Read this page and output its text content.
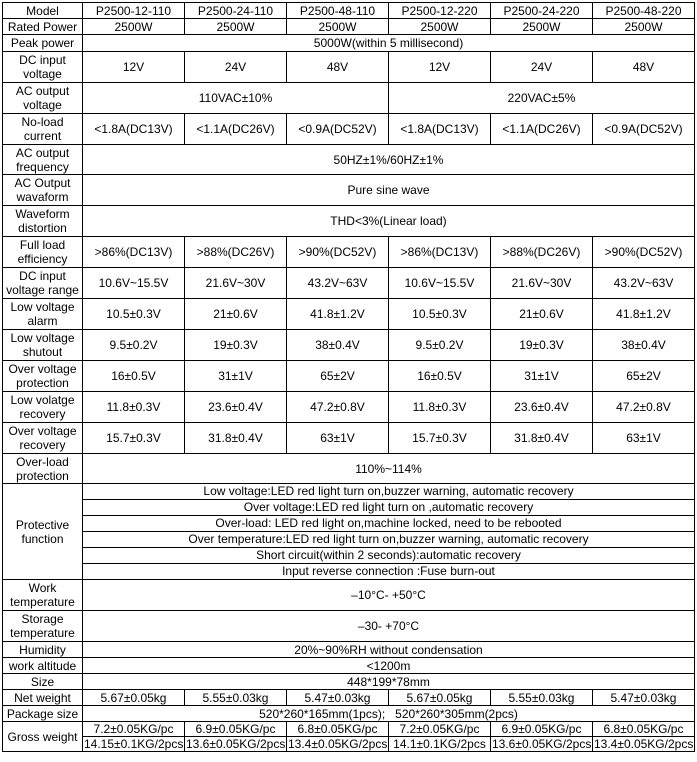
Model	P2500-12-110	P2500-24-110	P2500-48-110	P2500-12-220	P2500-24-220	P2500-48-220
Rated Power	2500W	2500W	2500W	2500W	2500W	2500W
Peak power	5000W(within 5 millisecond)					
DC input voltage	12V	24V	48V	12V	24V	48V
AC output voltage	110VAC±10%			220VAC±5%		
No-load current	<1.8A(DC13V)	<1.1A(DC26V)	<0.9A(DC52V)	<1.8A(DC13V)	<1.1A(DC26V)	<0.9A(DC52V)
AC output frequency	50HZ±1%/60HZ±1%					
AC Output wavaform	Pure sine wave					
Waveform distortion	THD<3%(Linear load)					
Full load efficiency	>86%(DC13V)	>88%(DC26V)	>90%(DC52V)	>86%(DC13V)	>88%(DC26V)	>90%(DC52V)
DC input voltage range	10.6V~15.5V	21.6V~30V	43.2V~63V	10.6V~15.5V	21.6V~30V	43.2V~63V
Low voltage alarm	10.5±0.3V	21±0.6V	41.8±1.2V	10.5±0.3V	21±0.6V	41.8±1.2V
Low voltage shutout	9.5±0.2V	19±0.3V	38±0.4V	9.5±0.2V	19±0.3V	38±0.4V
Over voltage protection	16±0.5V	31±1V	65±2V	16±0.5V	31±1V	65±2V
Low volatge recovery	11.8±0.3V	23.6±0.4V	47.2±0.8V	11.8±0.3V	23.6±0.4V	47.2±0.8V
Over voltage recovery	15.7±0.3V	31.8±0.4V	63±1V	15.7±0.3V	31.8±0.4V	63±1V
Over-load protection	110%~114%					
Protective function	Low voltage:LED red light turn on,buzzer warning, automatic recovery					
	Over voltage:LED red light turn on ,automatic recovery					
	Over-load: LED red light on,machine locked, need to be rebooted					
	Over temperature:LED red light turn on,buzzer warning, automatic recovery					
	Short circuit(within 2 seconds):automatic recovery					
	Input reverse connection :Fuse burn-out					
Work temperature	–10°C- +50°C					
Storage temperature	–30- +70°C					
Humidity	20%~90%RH without condensation					
work altitude	<1200m					
Size	448*199*78mm					
Net weight	5.67±0.05kg	5.55±0.03kg	5.47±0.03kg	5.67±0.05kg	5.55±0.03kg	5.47±0.03kg
Package size	520*260*165mm(1pcs);   520*260*305mm(2pcs)					
Gross weight	7.2±0.05KG/pc	6.9±0.05KG/pc	6.8±0.05KG/pc	7.2±0.05KG/pc	6.9±0.05KG/pc	6.8±0.05KG/pc
	14.15±0.1KG/2pcs	13.6±0.05KG/2pcs	13.4±0.05KG/2pcs	14.1±0.1KG/2pcs	13.6±0.05KG/2pcs	13.4±0.05KG/2pcs
